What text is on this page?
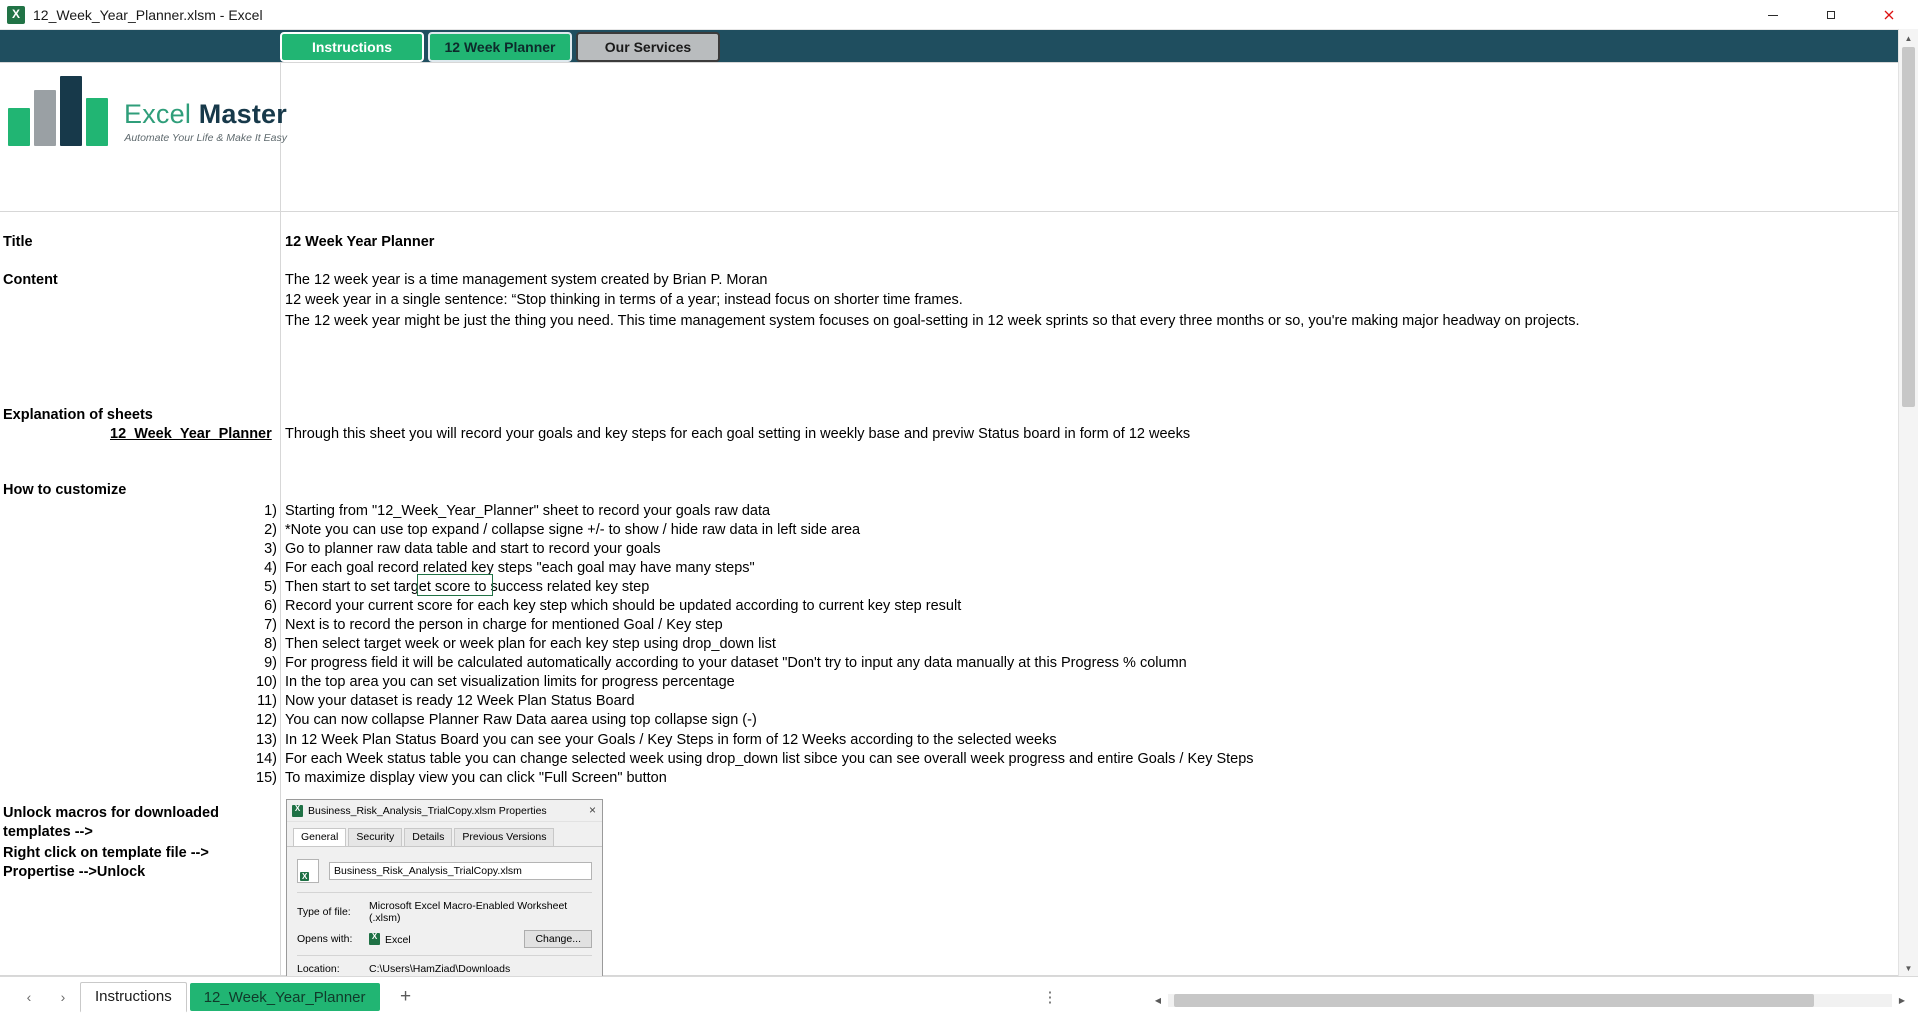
X
12_Week_Year_Planner.xlsm - Excel
Instructions	12 Week Planner	Our Services
Excel Master
Automate Your Life & Make It Easy
Title	12 Week Year Planner
Content	The 12 week year is a time management system created by Brian P. Moran
12 week year in a single sentence: “Stop thinking in terms of a year; instead focus on shorter time frames.
The 12 week year might be just the thing you need. This time management system focuses on goal-setting in 12 week sprints so that every three months or so, you're making major headway on projects.
Explanation of sheets
12_Week_Year_Planner Through this sheet you will record your goals and key steps for each goal setting in weekly base and previw Status board in form of 12 weeks
How to customize
1) Starting from "12_Week_Year_Planner" sheet to record your goals raw data
2) *Note you can use top expand / collapse signe +/- to show / hide raw data in left side area
3) Go to planner raw data table and start to record your goals
4) For each goal record related key steps "each goal may have many steps"
5) Then start to set target score to success related key step
6) Record your current score for each key step which should be updated according to current key step result
7) Next is to record the person in charge for mentioned Goal / Key step
8) Then select target week or week plan for each key step using drop_down list
9) For progress field it will be calculated automatically according to your dataset "Don't try to input any data manually at this Progress % column
10) In the top area you can set visualization limits for progress percentage
11) Now your dataset is ready 12 Week Plan Status Board
12) You can now collapse Planner Raw Data aarea using top collapse sign (-)
13) In 12 Week Plan Status Board you can see your Goals / Key Steps in form of 12 Weeks according to the selected weeks
14) For each Week status table you can change selected week using drop_down list sibce you can see overall week progress and entire Goals / Key Steps
15) To maximize display view you can click "Full Screen" button
Unlock macros for downloaded templates -->
Right click on template file --> Propertise -->Unlock
X
Business_Risk_Analysis_TrialCopy.xlsm Properties	×
General	Security	Details	Previous Versions
X
Business_Risk_Analysis_TrialCopy.xlsm
Type of file:	Microsoft Excel Macro-Enabled Worksheet (.xlsm)
Opens with: X	Excel	Change...
Location:	C:\Users\HamZiad\Downloads
▲
▼
‹	›	Instructions	12_Week_Year_Planner	+	⋮	◀	▶
